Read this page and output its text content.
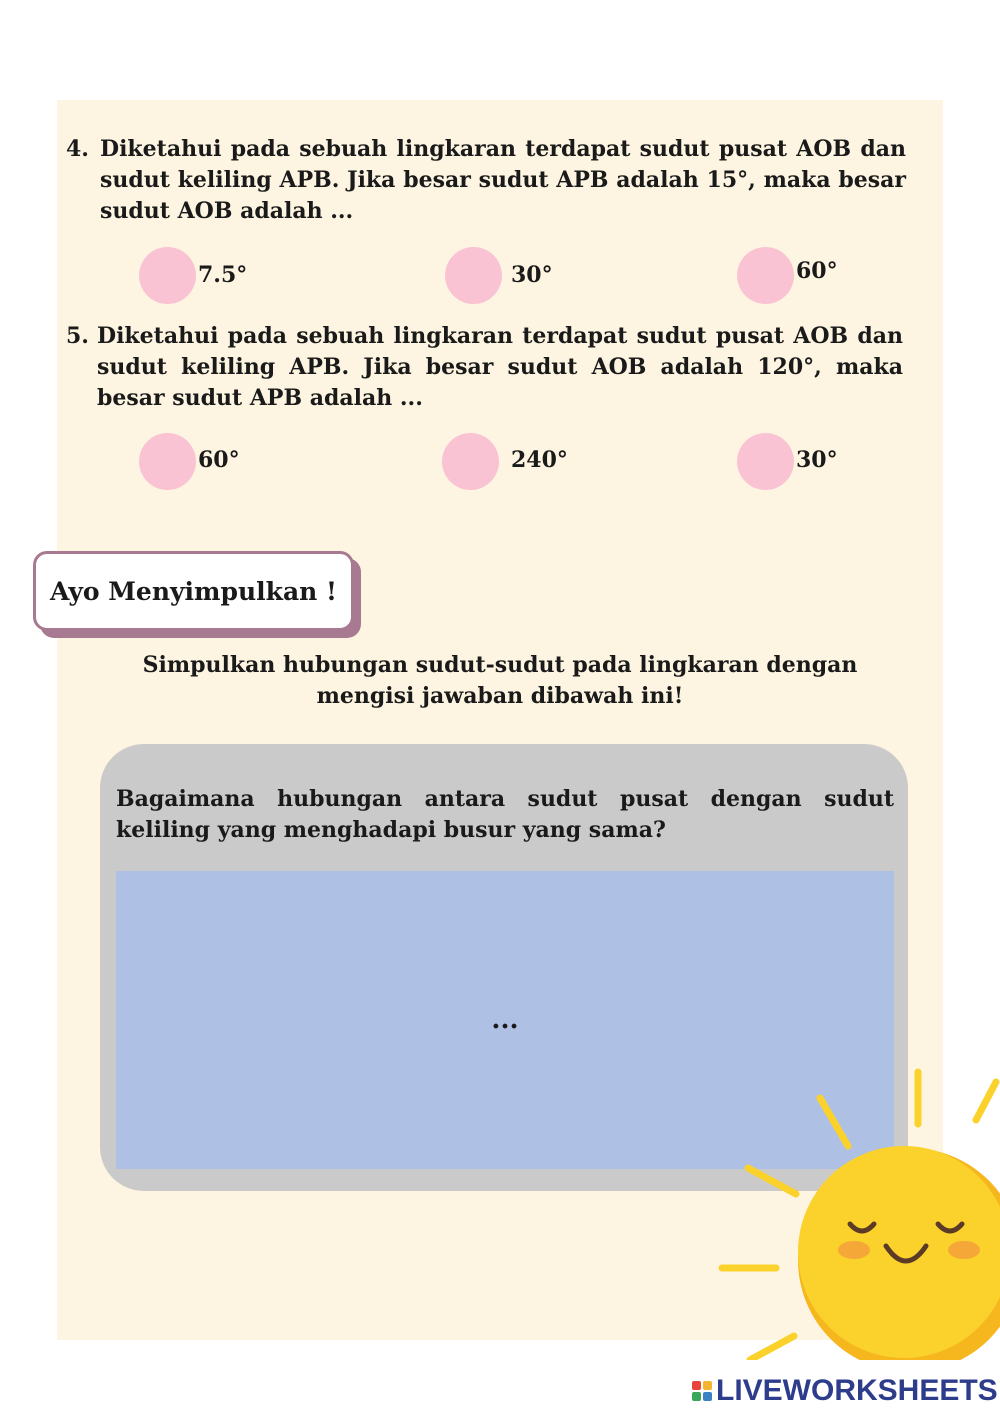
4. Diketahui pada sebuah lingkaran terdapat sudut pusat AOB dan sudut keliling APB. Jika besar sudut APB adalah 15°, maka besar sudut AOB adalah ...
7.5°	30°	60°
5. Diketahui pada sebuah lingkaran terdapat sudut pusat AOB dan sudut keliling APB. Jika besar sudut AOB adalah 120°, maka besar sudut APB adalah ...
60°	240°	30°
Ayo Menyimpulkan !
Simpulkan hubungan sudut-sudut pada lingkaran dengan mengisi jawaban dibawah ini!
Bagaimana hubungan antara sudut pusat dengan sudut keliling yang menghadapi busur yang sama?
...
LIVEWORKSHEETS
